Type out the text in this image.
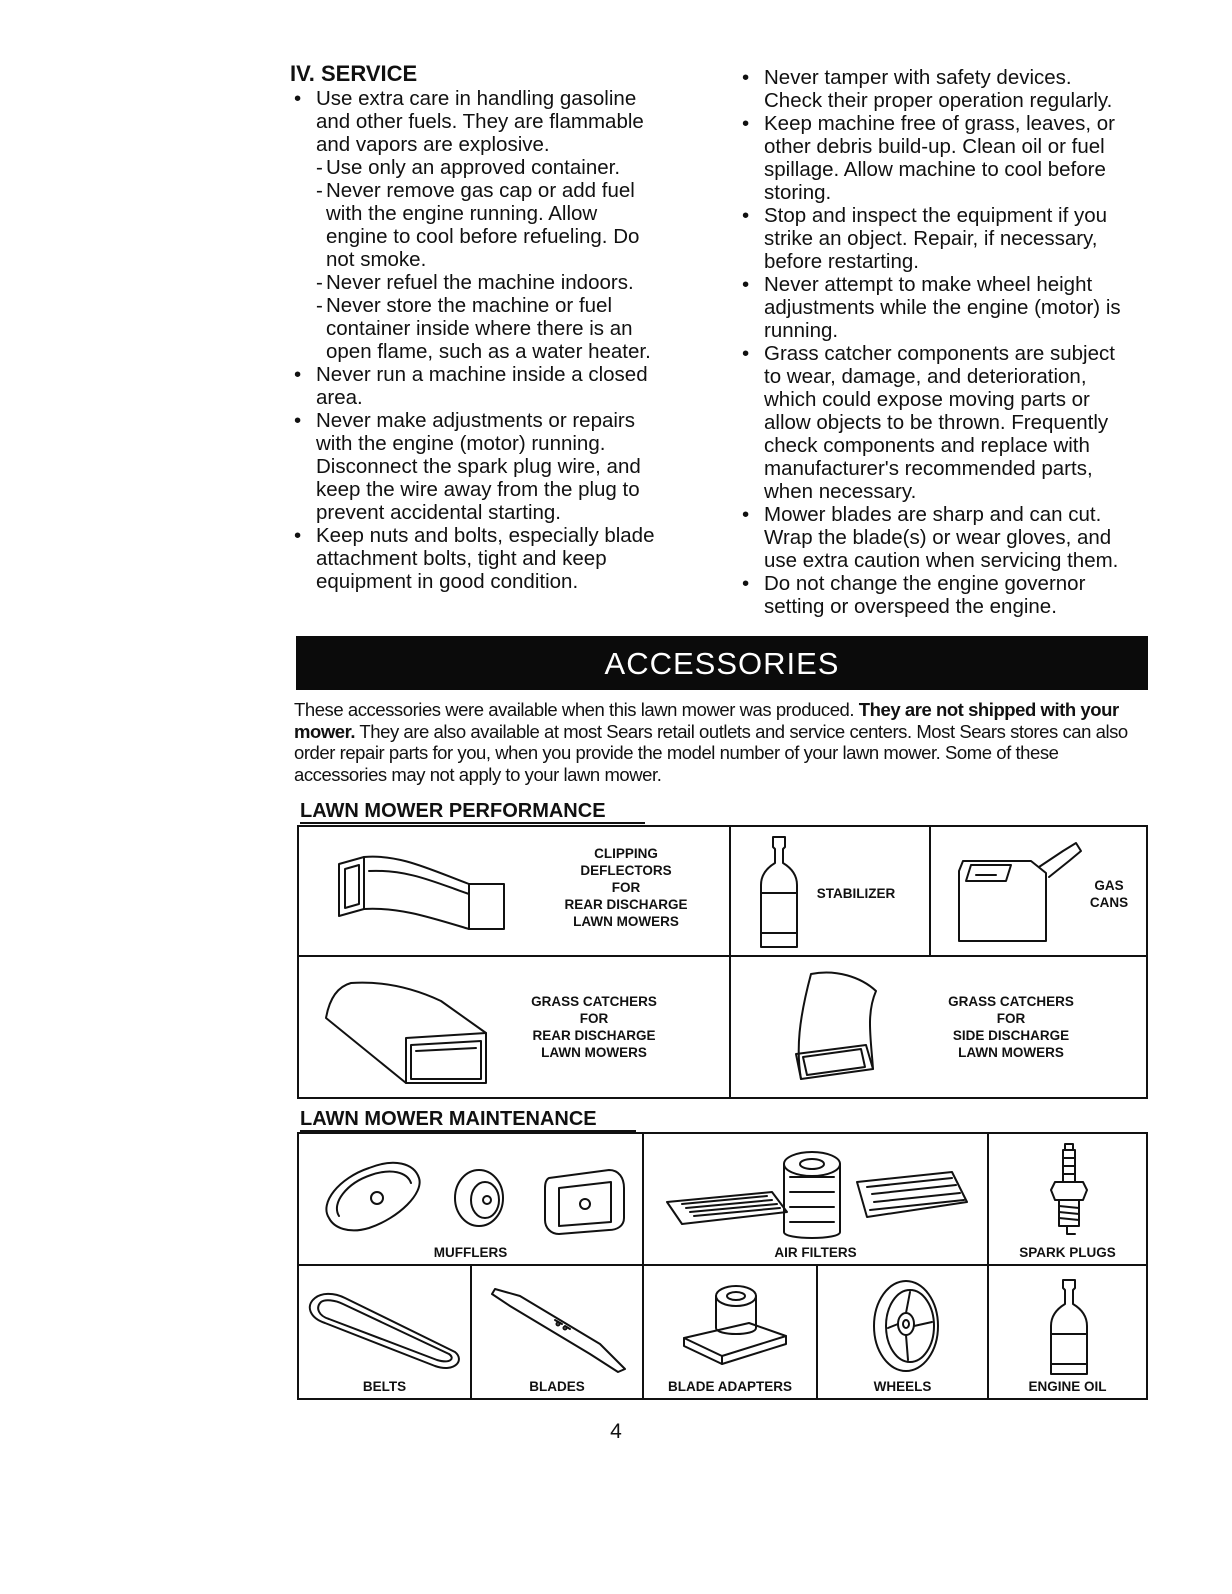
IV. SERVICE
• Use extra care in handling gasoline
and other fuels. They are flammable
and vapors are explosive.
- Use only an approved container.
- Never remove gas cap or add fuel
with the engine running. Allow
engine to cool before refueling. Do
not smoke.
- Never refuel the machine indoors.
- Never store the machine or fuel
container inside where there is an
open flame, such as a water heater.
• Never run a machine inside a closed
area.
• Never make adjustments or repairs
with the engine (motor) running.
Disconnect the spark plug wire, and
keep the wire away from the plug to
prevent accidental starting.
• Keep nuts and bolts, especially blade
attachment bolts, tight and keep
equipment in good condition.
• Never tamper with safety devices.
Check their proper operation regularly.
• Keep machine free of grass, leaves, or
other debris build-up. Clean oil or fuel
spillage. Allow machine to cool before
storing.
• Stop and inspect the equipment if you
strike an object. Repair, if necessary,
before restarting.
• Never attempt to make wheel height
adjustments while the engine (motor) is
running.
• Grass catcher components are subject
to wear, damage, and deterioration,
which could expose moving parts or
allow objects to be thrown. Frequently
check components and replace with
manufacturer's recommended parts,
when necessary.
• Mower blades are sharp and can cut.
Wrap the blade(s) or wear gloves, and
use extra caution when servicing them.
• Do not change the engine governor
setting or overspeed the engine.
ACCESSORIES
These accessories were available when this lawn mower was produced. They are not shipped with your mower. They are also available at most Sears retail outlets and service centers. Most Sears stores can also order repair parts for you, when you provide the model number of your lawn mower. Some of these accessories may not apply to your lawn mower.
LAWN MOWER PERFORMANCE
CLIPPING
DEFLECTORS
FOR
REAR DISCHARGE
LAWN MOWERS
STABILIZER
GAS
CANS
GRASS CATCHERS
FOR
REAR DISCHARGE
LAWN MOWERS
GRASS CATCHERS
FOR
SIDE DISCHARGE
LAWN MOWERS
LAWN MOWER MAINTENANCE
MUFFLERS	AIR FILTERS	SPARK PLUGS
BELTS	BLADES	BLADE ADAPTERS	WHEELS	ENGINE OIL
4
